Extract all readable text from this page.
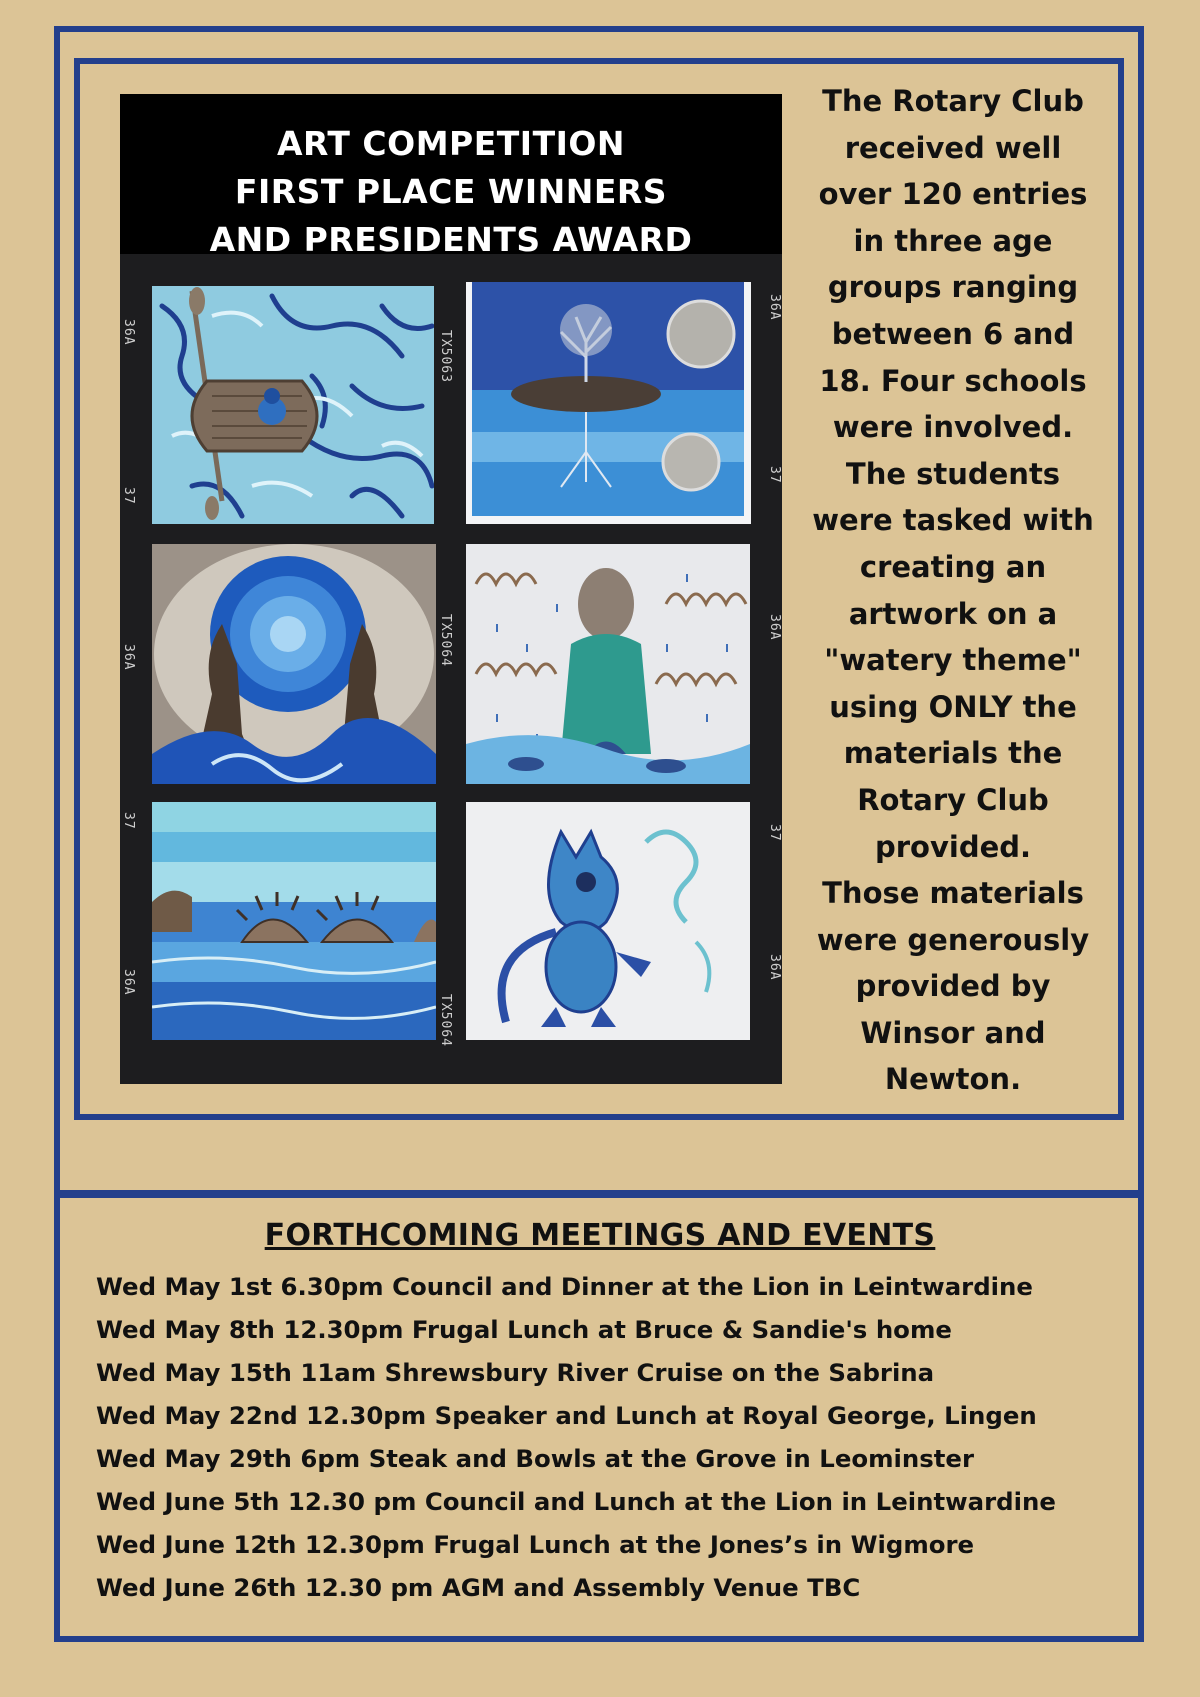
ART COMPETITION
FIRST PLACE WINNERS
AND PRESIDENTS AWARD
36A
37
TX5063
36A
37
36A	TX5064	36A
37
36A
TX5064
37
36A
The Rotary Club
received well
over 120 entries
in three age
groups ranging
between 6 and
18. Four schools
were involved.
The students
were tasked with
creating an
artwork on a
"watery theme"
using ONLY the
materials the
Rotary Club
provided.
Those materials
were generously
provided by
Winsor and
Newton.
FORTHCOMING MEETINGS AND EVENTS
Wed May 1st 6.30pm Council and Dinner at the Lion in Leintwardine
Wed May 8th 12.30pm Frugal Lunch at Bruce & Sandie's home
Wed May 15th 11am Shrewsbury River Cruise on the Sabrina
Wed May 22nd 12.30pm Speaker and Lunch at Royal George, Lingen
Wed May 29th 6pm Steak and Bowls at the Grove in Leominster
Wed June 5th 12.30 pm Council and Lunch at the Lion in Leintwardine
Wed June 12th 12.30pm Frugal Lunch at the Jones’s in Wigmore
Wed June 26th 12.30 pm AGM and Assembly Venue TBC
